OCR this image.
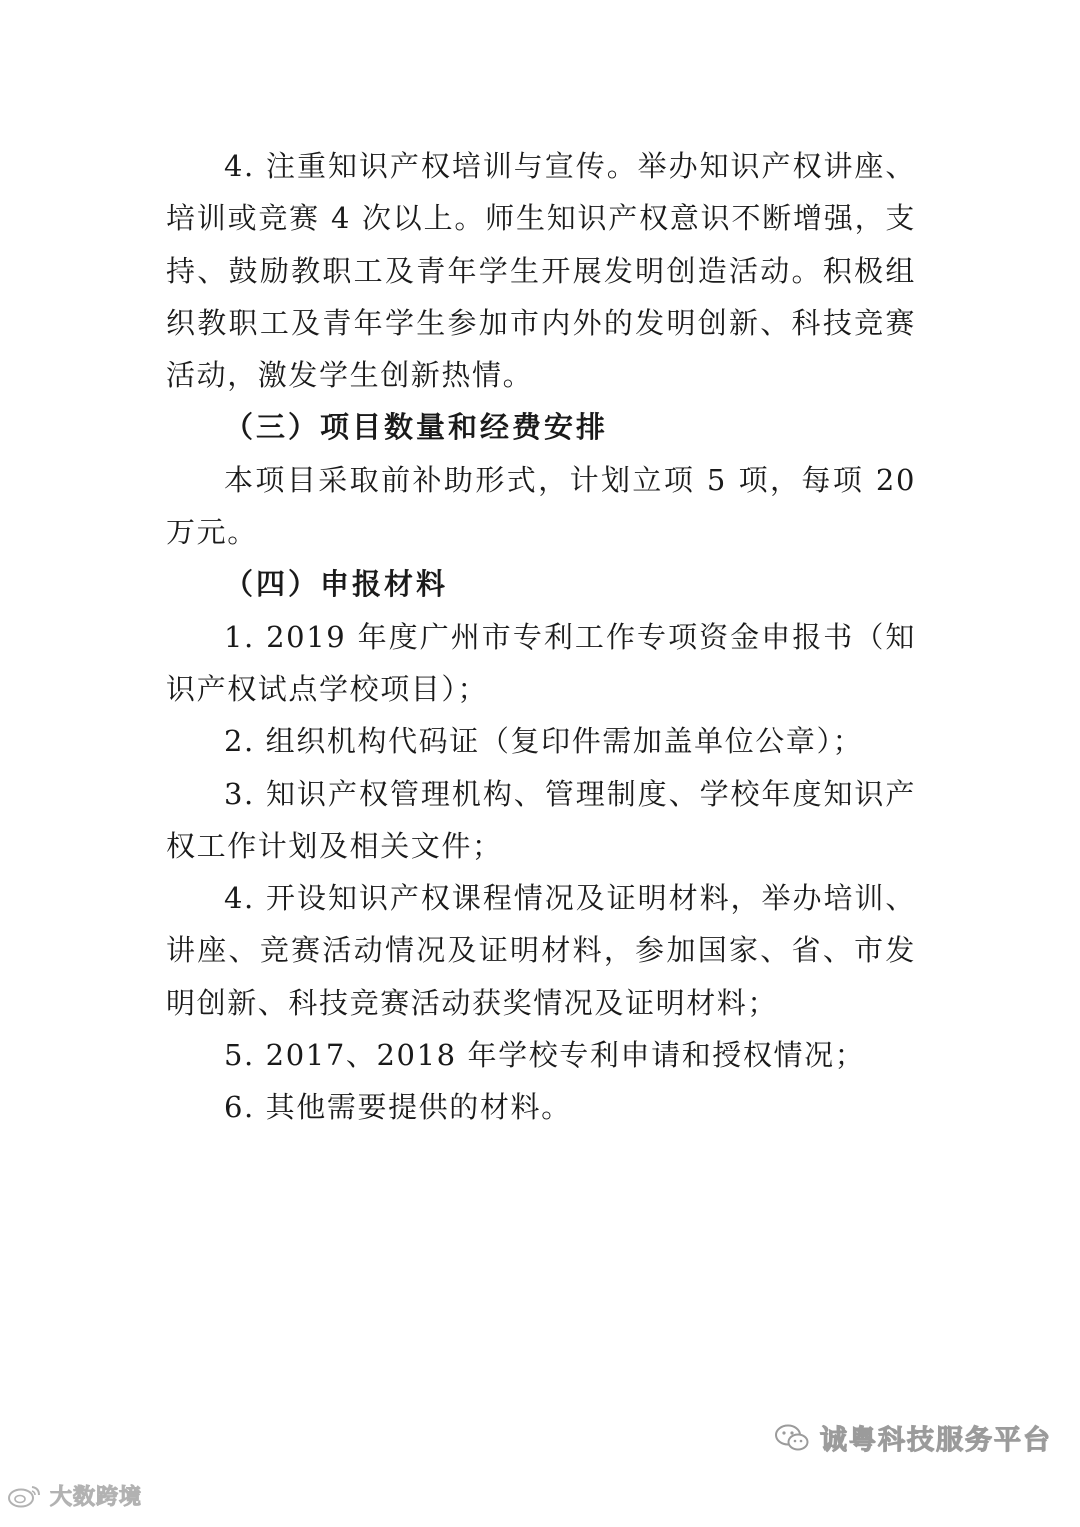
4. 注重知识产权培训与宣传。举办知识产权讲座、培训或竞赛 4 次以上。师生知识产权意识不断增强，支持、鼓励教职工及青年学生开展发明创造活动。积极组织教职工及青年学生参加市内外的发明创新、科技竞赛活动，激发学生创新热情。

（三）项目数量和经费安排

本项目采取前补助形式，计划立项 5 项，每项 20 万元。

（四）申报材料

1. 2019 年度广州市专利工作专项资金申报书（知识产权试点学校项目）；

2. 组织机构代码证（复印件需加盖单位公章）；

3. 知识产权管理机构、管理制度、学校年度知识产权工作计划及相关文件；

4. 开设知识产权课程情况及证明材料，举办培训、讲座、竞赛活动情况及证明材料，参加国家、省、市发明创新、科技竞赛活动获奖情况及证明材料；

5. 2017、2018 年学校专利申请和授权情况；

6. 其他需要提供的材料。

诚粤科技服务平台
大数跨境
